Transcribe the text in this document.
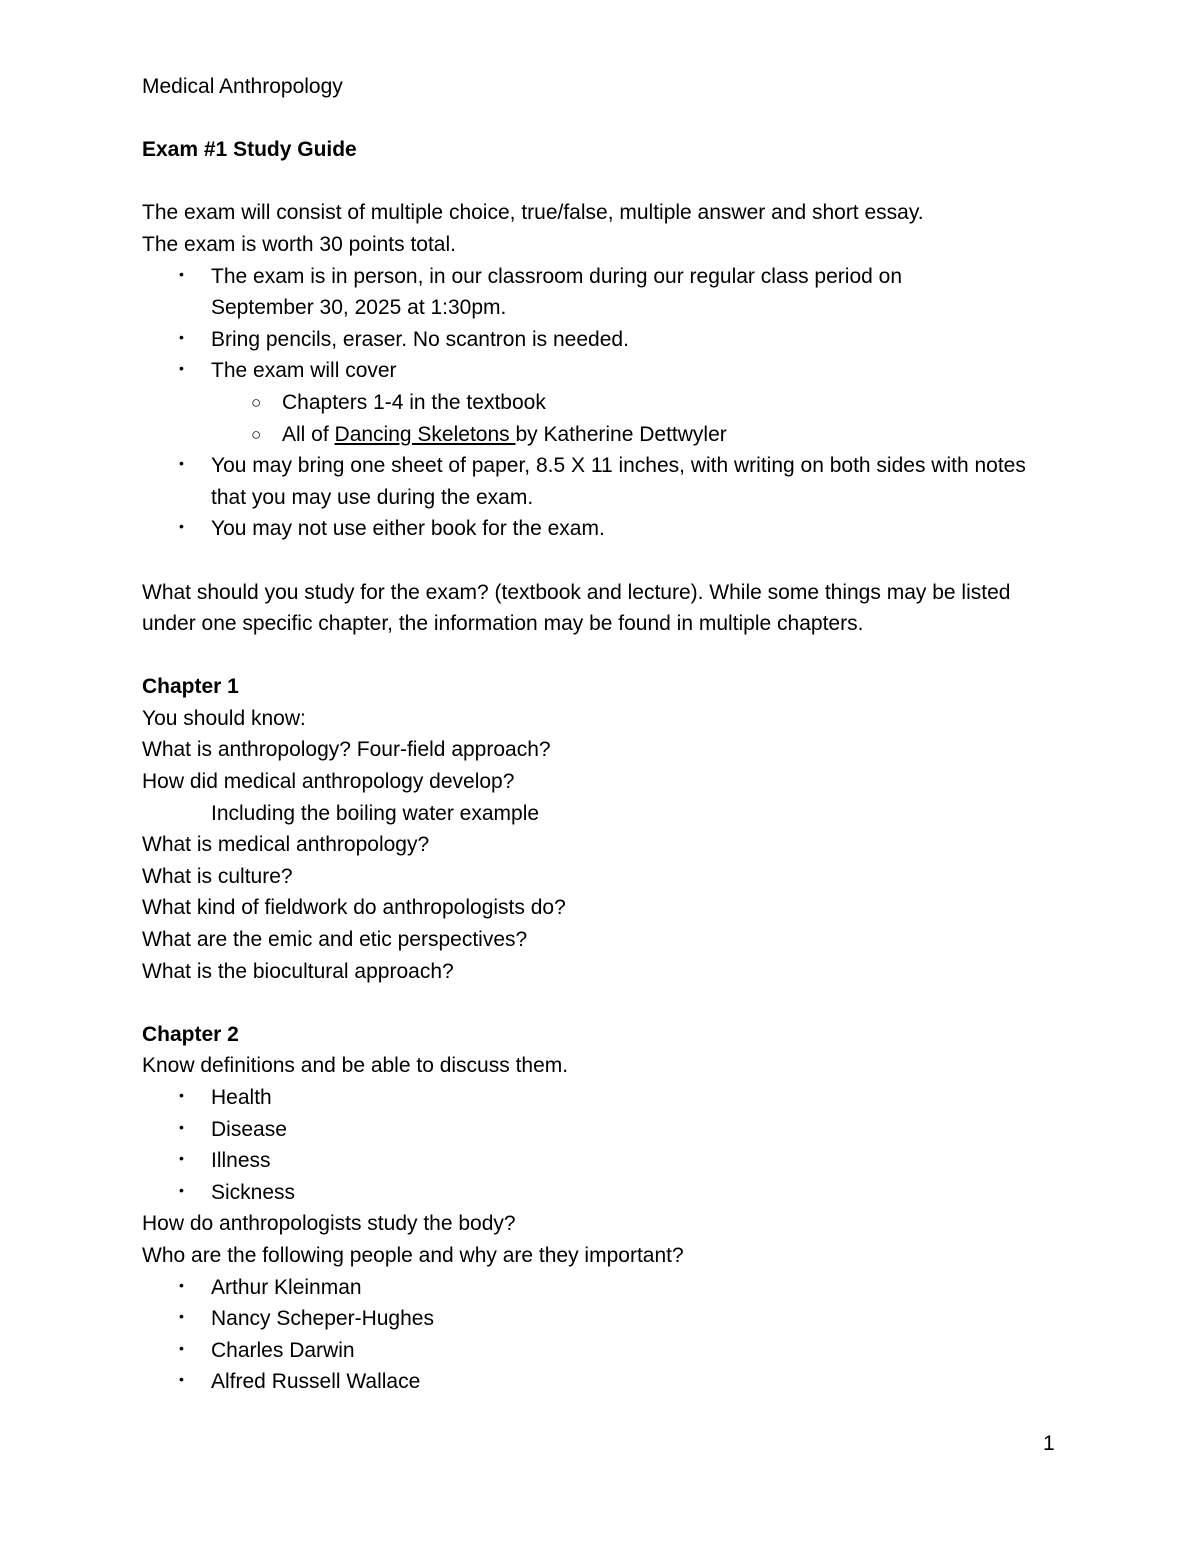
Medical Anthropology

Exam #1 Study Guide

The exam will consist of multiple choice, true/false, multiple answer and short essay.

The exam is worth 30 points total.

• The exam is in person, in our classroom during our regular class period on September 30, 2025 at 1:30pm.
• Bring pencils, eraser. No scantron is needed.
• The exam will cover
○ Chapters 1-4 in the textbook
○ All of Dancing Skeletons by Katherine Dettwyler
• You may bring one sheet of paper, 8.5 X 11 inches, with writing on both sides with notes that you may use during the exam.
• You may not use either book for the exam.

What should you study for the exam? (textbook and lecture). While some things may be listed under one specific chapter, the information may be found in multiple chapters.

Chapter 1

You should know:

What is anthropology? Four-field approach?

How did medical anthropology develop?

Including the boiling water example

What is medical anthropology?

What is culture?

What kind of fieldwork do anthropologists do?

What are the emic and etic perspectives?

What is the biocultural approach?

Chapter 2

Know definitions and be able to discuss them.

• Health
• Disease
• Illness
• Sickness

How do anthropologists study the body?

Who are the following people and why are they important?

• Arthur Kleinman
• Nancy Scheper-Hughes
• Charles Darwin
• Alfred Russell Wallace
1
